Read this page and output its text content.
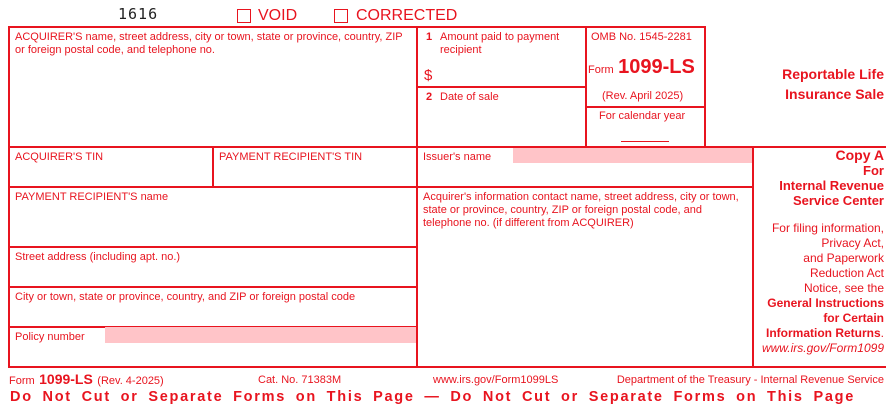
1616	VOID	CORRECTED
ACQUIRER'S name, street address, city or town, state or province, country, ZIP or foreign postal code, and telephone no.
1 Amount paid to payment recipient
$
2 Date of sale
OMB No. 1545-2281
Form 1099-LS
(Rev. April 2025)
For calendar year
ACQUIRER'S TIN	PAYMENT RECIPIENT'S TIN	Issuer's name
PAYMENT RECIPIENT'S name	Acquirer's information contact name, street address, city or town, state or province, country, ZIP or foreign postal code, and telephone no. (if different from ACQUIRER)
Street address (including apt. no.)
City or town, state or province, country, and ZIP or foreign postal code
Policy number
Reportable Life
Insurance Sale
Copy A
For
Internal Revenue
Service Center
For filing information,
Privacy Act,
and Paperwork
Reduction Act
Notice, see the
General Instructions
for Certain
Information Returns.
www.irs.gov/Form1099
Form 1099-LS (Rev. 4-2025)	Cat. No. 71383M	www.irs.gov/Form1099LS	Department of the Treasury - Internal Revenue Service
Do Not Cut or Separate Forms on This Page — Do Not Cut or Separate Forms on This Page
